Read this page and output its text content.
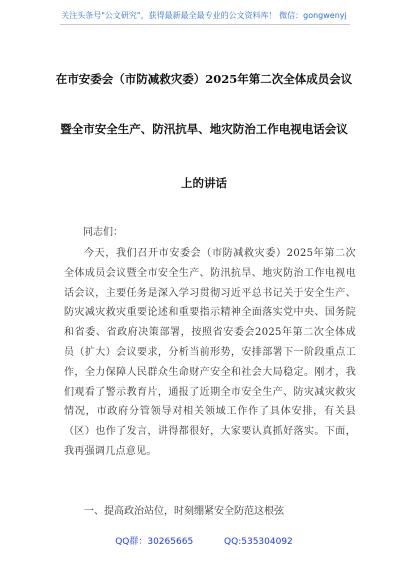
关注头条号"公文研究"，获得最新最全最专业的公文资料库！ 微信：gongwenyj
在市安委会（市防减救灾委）2025年第二次全体成员会议
暨全市安全生产、防汛抗旱、地灾防治工作电视电话会议
上的讲话
同志们：

今天，我们召开市安委会（市防减救灾委）2025年第二次全体成员会议暨全市安全生产、防汛抗旱、地灾防治工作电视电话会议，主要任务是深入学习贯彻习近平总书记关于安全生产、防灾减灾救灾重要论述和重要指示精神全面落实党中央、国务院和省委、省政府决策部署，按照省安委会2025年第二次全体成员（扩大）会议要求，分析当前形势，安排部署下一阶段重点工作，全力保障人民群众生命财产安全和社会大局稳定。刚才，我们观看了警示教育片，通报了近期全市安全生产、防灾减灾救灾情况，市政府分管领导对相关领域工作作了具体安排，有关县（区）也作了发言，讲得都很好，大家要认真抓好落实。下面，我再强调几点意见。

一、提高政治站位，时刻绷紧安全防范这根弦
QQ群：30265665	QQ:535304092
